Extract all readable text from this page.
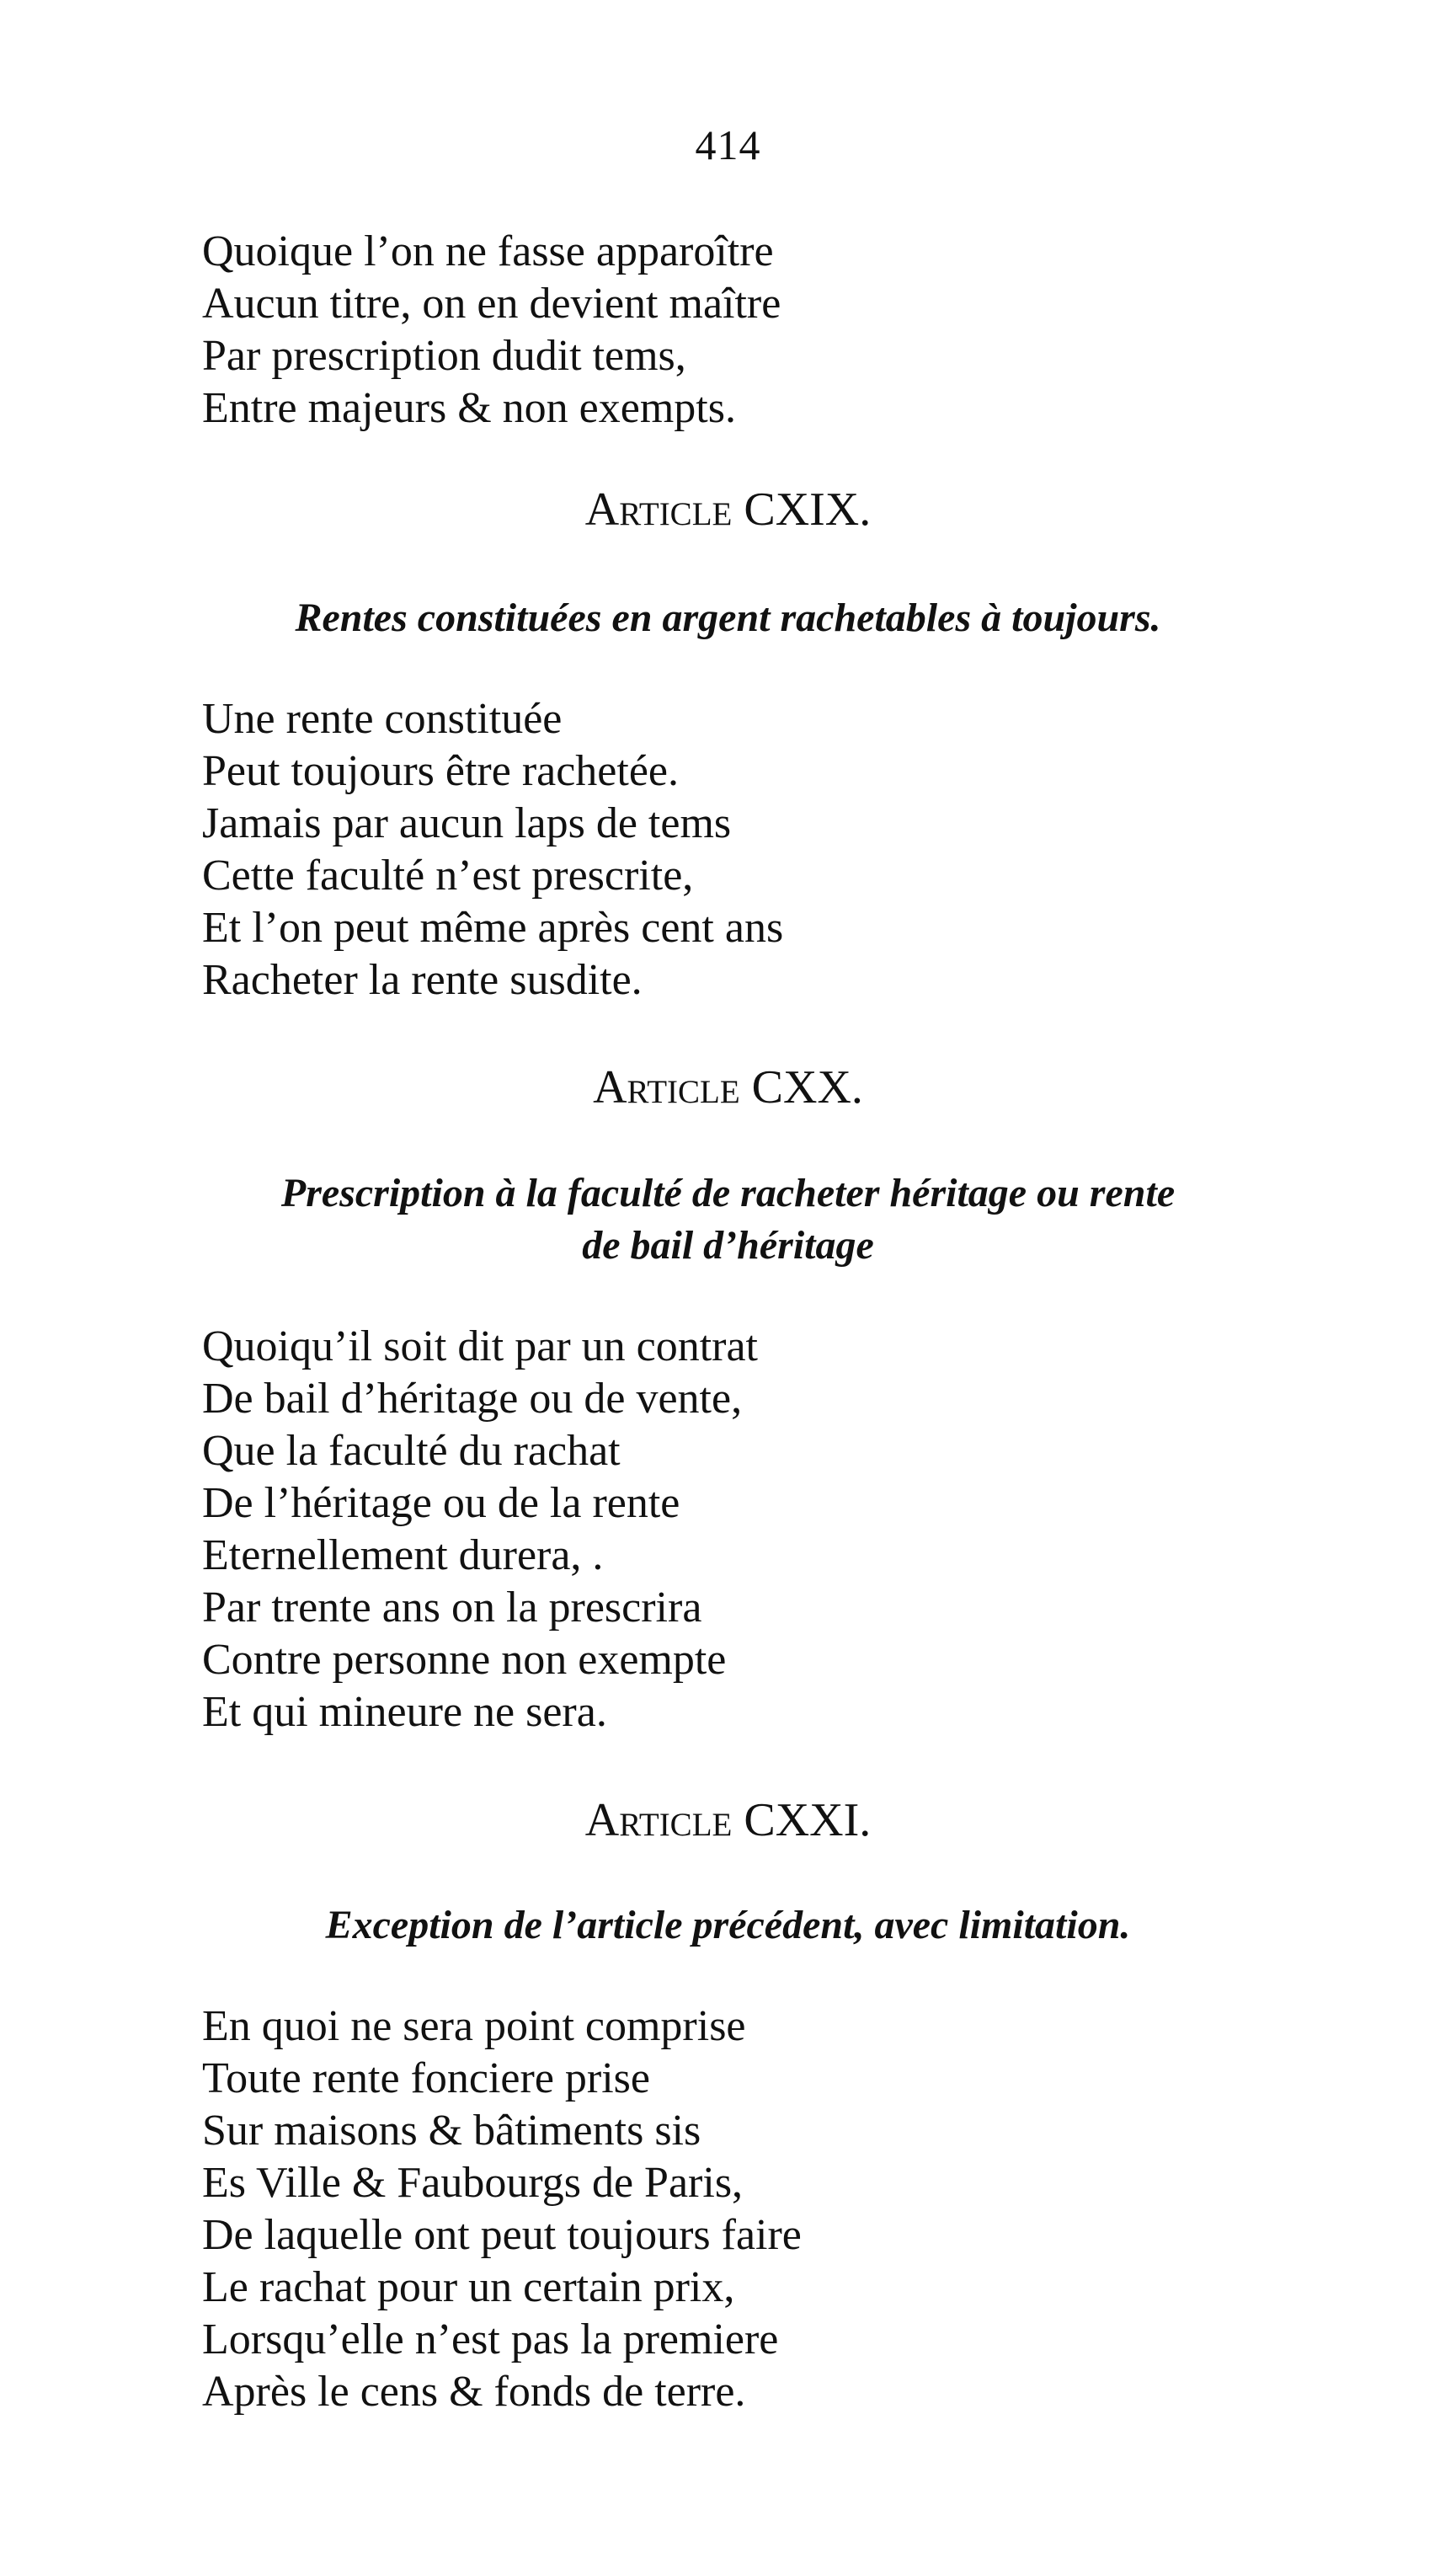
414
Quoique l’on ne fasse apparoître
Aucun titre, on en devient maître
Par prescription dudit tems,
Entre majeurs & non exempts.
Article CXIX.
Rentes constituées en argent rachetables à toujours.
Une rente constituée
Peut toujours être rachetée.
Jamais par aucun laps de tems
Cette faculté n’est prescrite,
Et l’on peut même après cent ans
Racheter la rente susdite.
Article CXX.
Prescription à la faculté de racheter héritage ou rente
de bail d’héritage
Quoiqu’il soit dit par un contrat
De bail d’héritage ou de vente,
Que la faculté du rachat
De l’héritage ou de la rente
Eternellement durera, .
Par trente ans on la prescrira
Contre personne non exempte
Et qui mineure ne sera.
Article CXXI.
Exception de l’article précédent, avec limitation.
En quoi ne sera point comprise
Toute rente fonciere prise
Sur maisons & bâtiments sis
Es Ville & Faubourgs de Paris,
De laquelle ont peut toujours faire
Le rachat pour un certain prix,
Lorsqu’elle n’est pas la premiere
Après le cens & fonds de terre.
